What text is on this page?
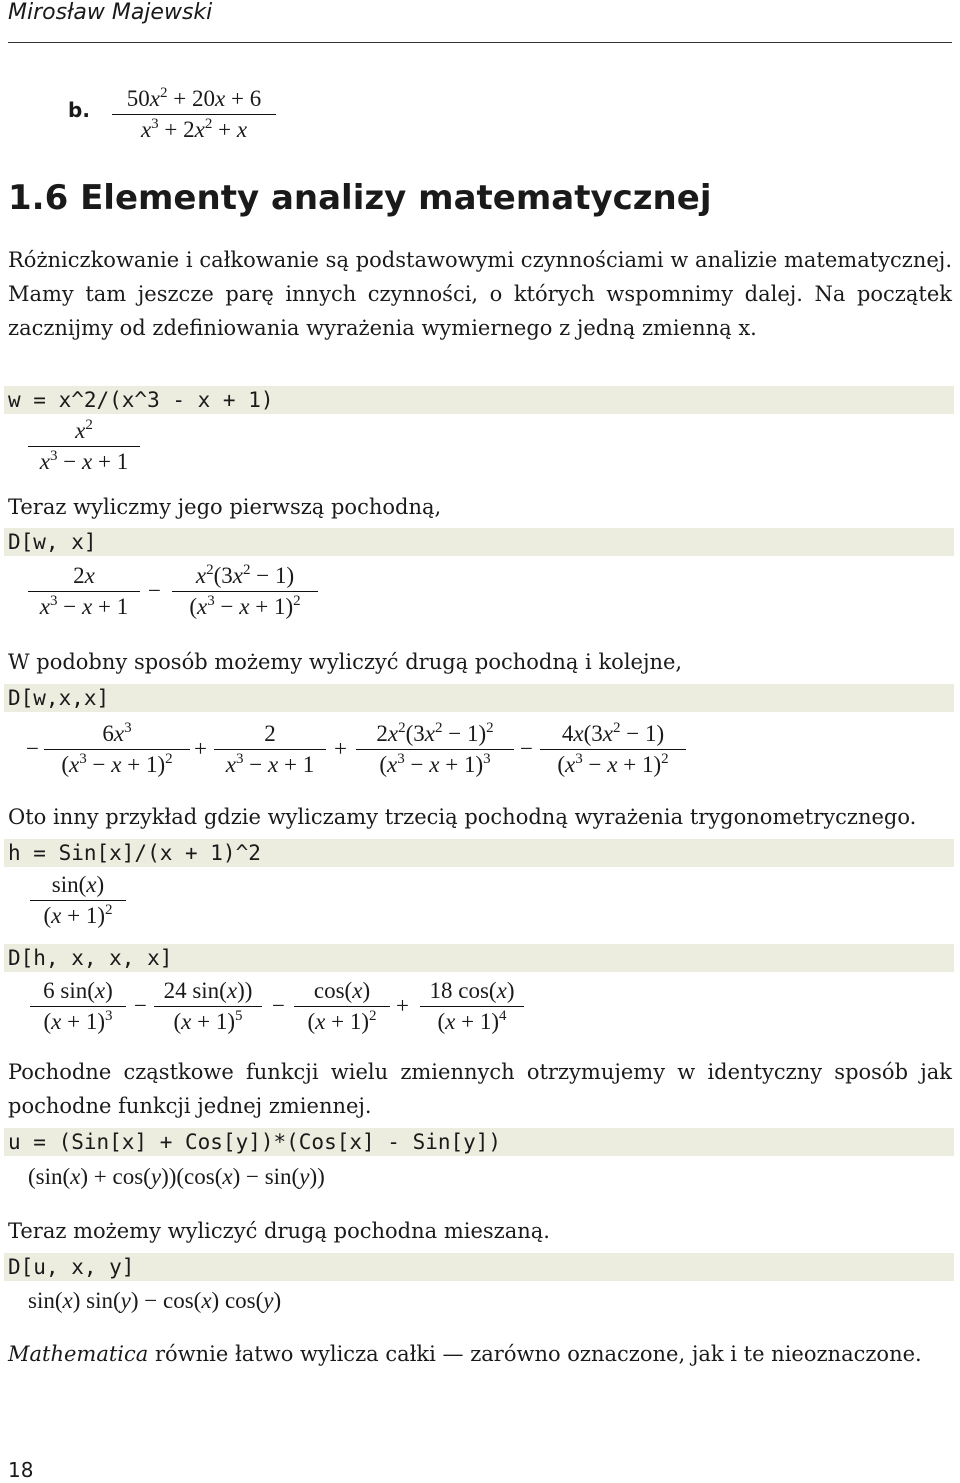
Mirosław Majewski
b.	$50x^2 + 20x + 6$
$x^3 + 2x^2 + x$
1.6 Elementy analizy matematycznej
Różniczkowanie i całkowanie są podstawowymi czynnościami w analizie matematycznej. Mamy tam jeszcze parę innych czynności, o których wspomnimy dalej. Na początek zacznijmy od zdefiniowania wyrażenia wymiernego z jedną zmienną x.
w = x^2/(x^3 - x + 1)
$x^2$
$x^3 - x + 1$
Teraz wyliczmy jego pierwszą pochodną,
D[w, x]
2x
$x^3 - x + 1$
−
$x^2(3x^2 - 1)$
$(x^3 - x + 1)^2$
W podobny sposób możemy wyliczyć drugą pochodną i kolejne,
D[w,x,x]
−
$6x^3$
$(x^3 - x + 1)^2$ +
2
$x^3 - x + 1$
+
$2x^2(3x^2 - 1)^2$
$(x^3 - x + 1)^3$	−
$4x(3x^2 - 1)$
$(x^3 - x + 1)^2$
Oto inny przykład gdzie wyliczamy trzecią pochodną wyrażenia trygonometrycznego.
h = Sin[x]/(x + 1)^2
sin(x)
$(x + 1)^2$
D[h, x, x, x]
6 sin(x)
$(x + 1)^3$ −
24 sin(x))
$(x + 1)^5$	−
cos(x)
$(x + 1)^2$ +
18 cos(x)
$(x + 1)^4$
Pochodne cząstkowe funkcji wielu zmiennych otrzymujemy w identyczny sposób jak pochodne funkcji jednej zmiennej.
u = (Sin[x] + Cos[y])*(Cos[x] - Sin[y])
(sin(x) + cos(y))(cos(x) − sin(y))
Teraz możemy wyliczyć drugą pochodna mieszaną.
D[u, x, y]
sin(x) sin(y) − cos(x) cos(y)
Mathematica równie łatwo wylicza całki — zarówno oznaczone, jak i te nieoznaczone.
18
